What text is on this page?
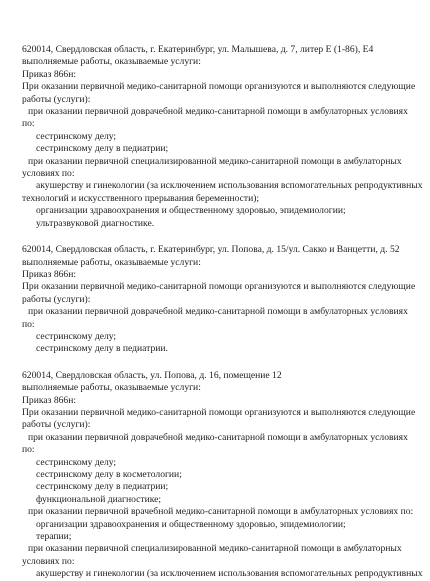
620014, Свердловская область, г. Екатеринбург, ул. Малышева, д. 7, литер Е (1-86), Е4
выполняемые работы, оказываемые услуги:
Приказ 866н:
При оказании первичной медико-санитарной помощи организуются и выполняются следующие
работы (услуги):
при оказании первичной доврачебной медико-санитарной помощи в амбулаторных условиях
по:
сестринскому делу;
сестринскому делу в педиатрии;
при оказании первичной специализированной медико-санитарной помощи в амбулаторных
условиях по:
акушерству и гинекологии (за исключением использования вспомогательных репродуктивных
технологий и искусственного прерывания беременности);
организации здравоохранения и общественному здоровью, эпидемиологии;
ультразвуковой диагностике.
620014, Свердловская область, г. Екатеринбург, ул. Попова, д. 15/ул. Сакко и Ванцетти, д. 52
выполняемые работы, оказываемые услуги:
Приказ 866н:
При оказании первичной медико-санитарной помощи организуются и выполняются следующие
работы (услуги):
при оказании первичной доврачебной медико-санитарной помощи в амбулаторных условиях
по:
сестринскому делу;
сестринскому делу в педиатрии.
620014, Свердловская область, ул. Попова, д. 16, помещение 12
выполняемые работы, оказываемые услуги:
Приказ 866н:
При оказании первичной медико-санитарной помощи организуются и выполняются следующие
работы (услуги):
при оказании первичной доврачебной медико-санитарной помощи в амбулаторных условиях
по:
сестринскому делу;
сестринскому делу в косметологии;
сестринскому делу в педиатрии;
функциональной диагностике;
при оказании первичной врачебной медико-санитарной помощи в амбулаторных условиях по:
организации здравоохранения и общественному здоровью, эпидемиологии;
терапии;
при оказании первичной специализированной медико-санитарной помощи в амбулаторных
условиях по:
акушерству и гинекологии (за исключением использования вспомогательных репродуктивных
